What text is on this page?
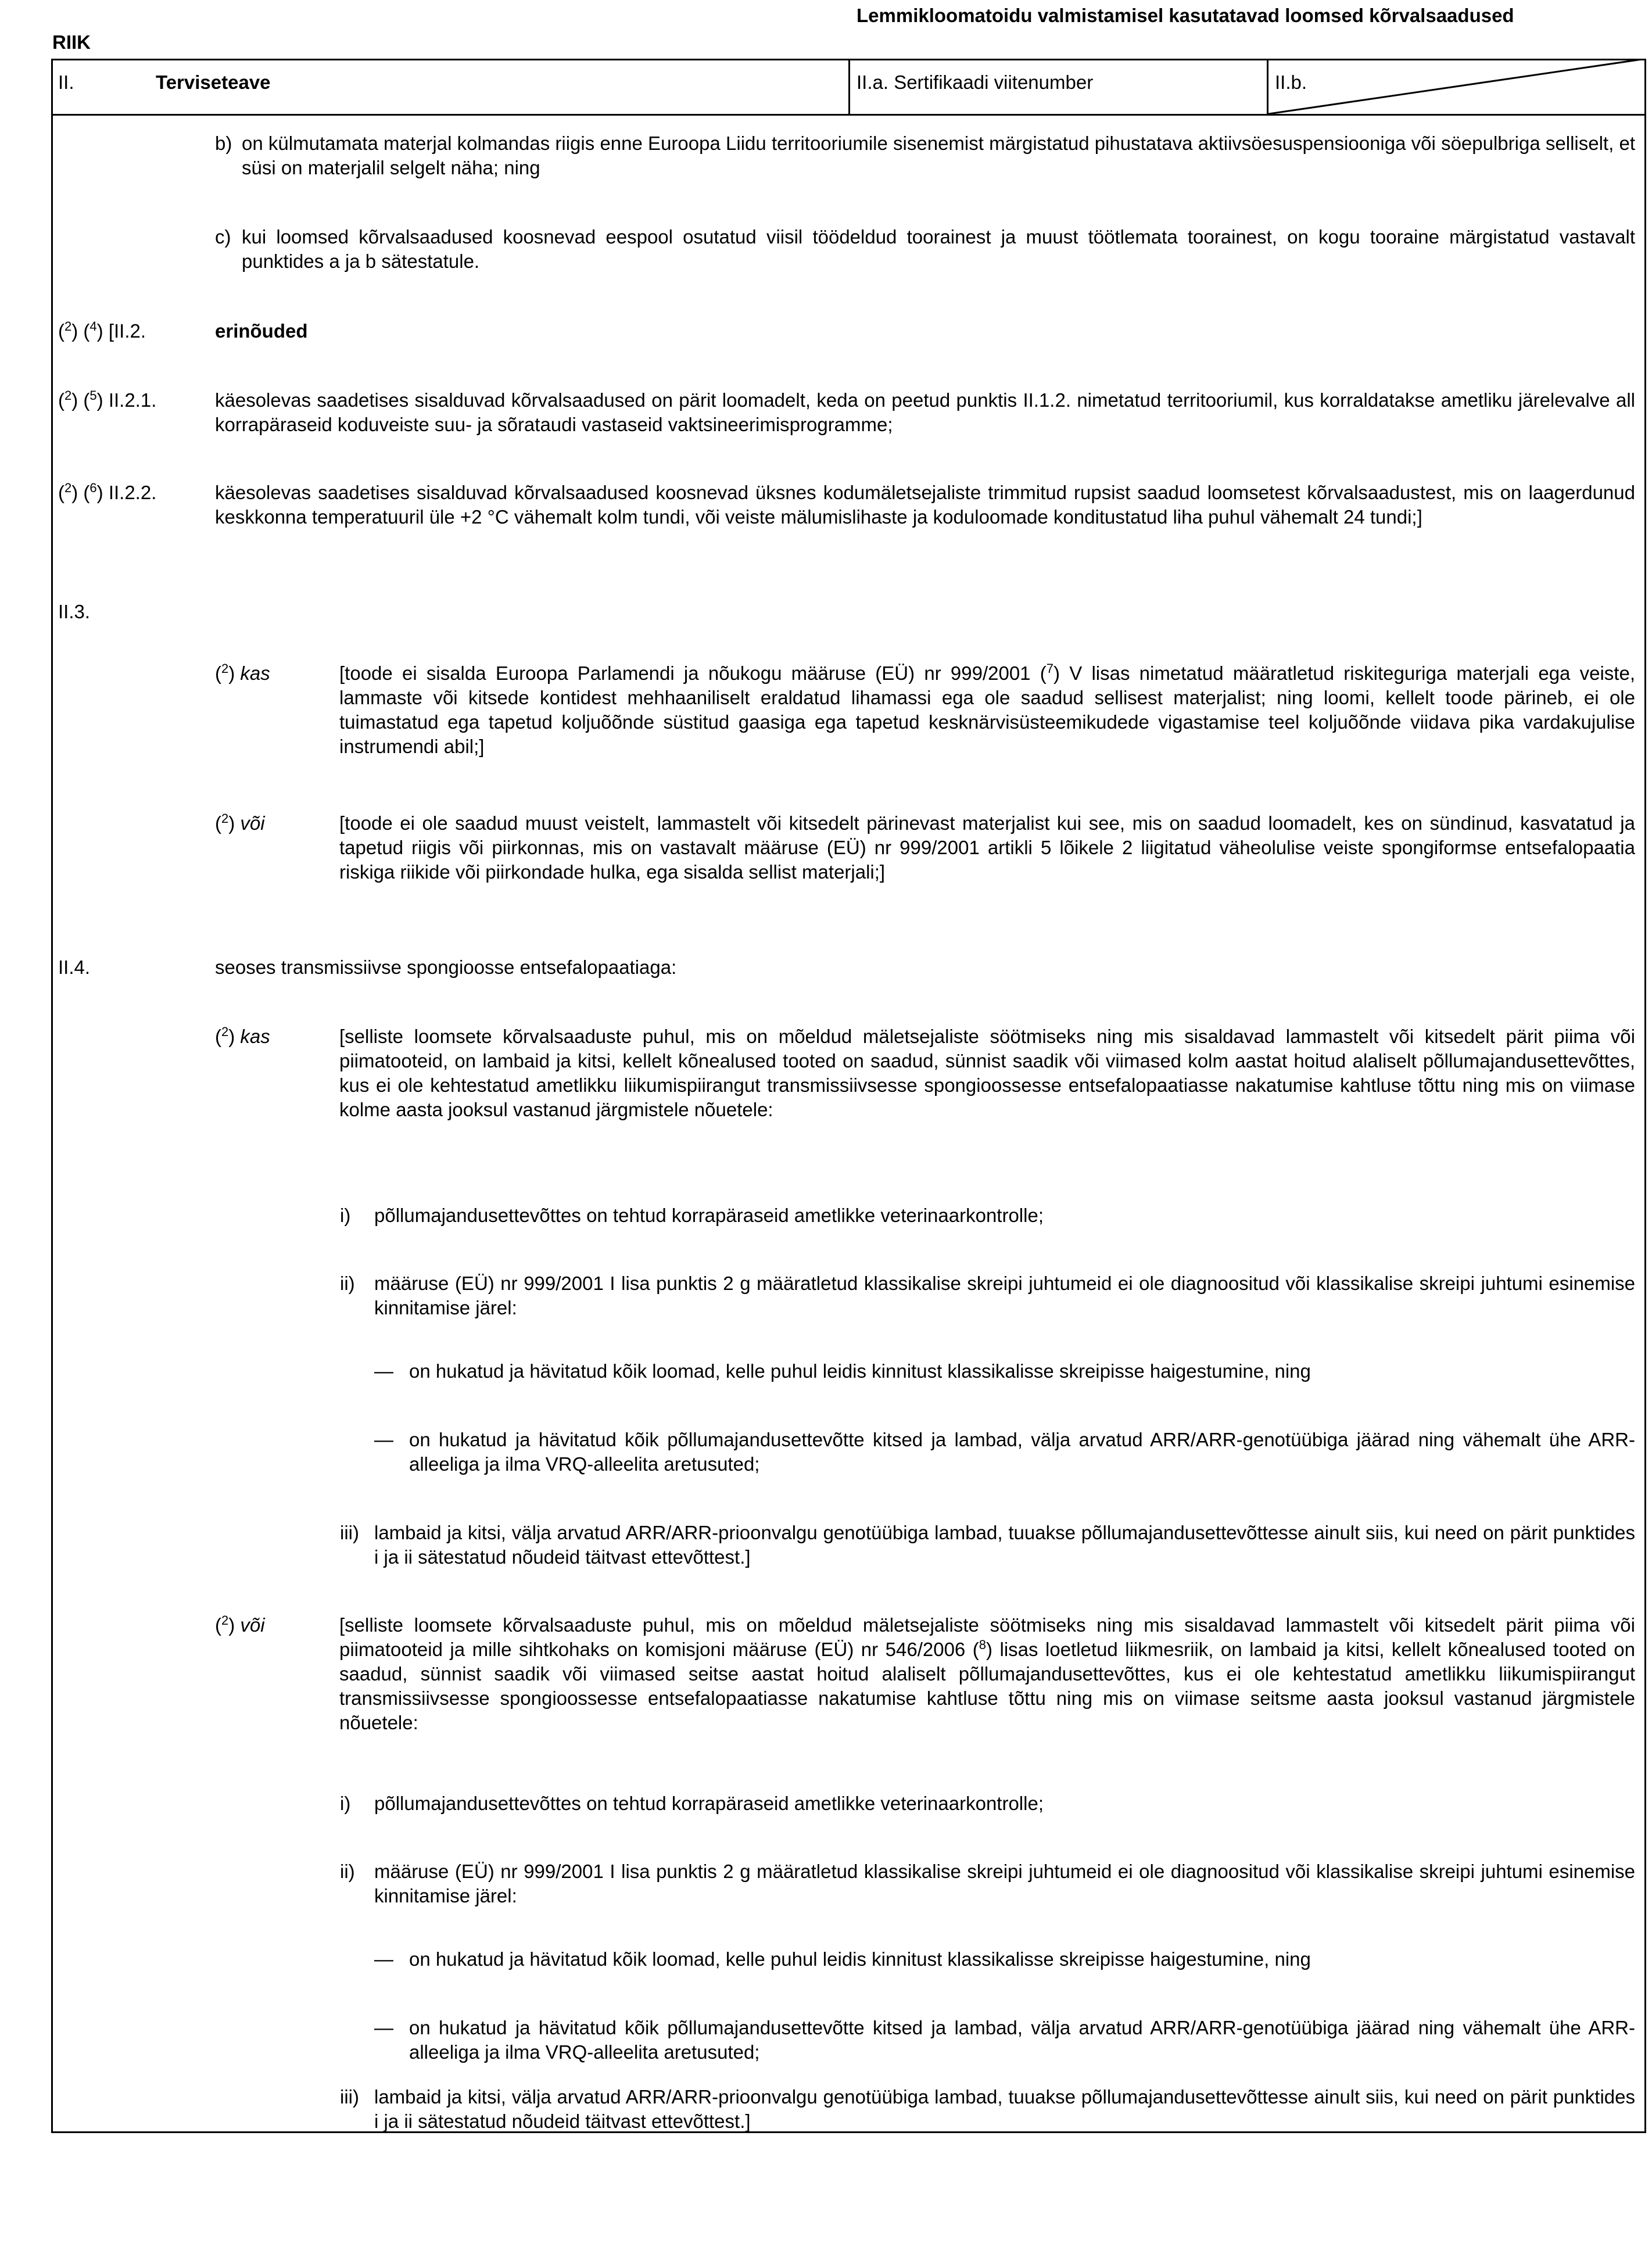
RIIK
Lemmikloomatoidu valmistamisel kasutatavad loomsed kõrvalsaadused
II.	Terviseteave	II.a. Sertifikaadi viitenumber	II.b.
b) on külmutamata materjal kolmandas riigis enne Euroopa Liidu territooriumile sisenemist märgistatud pihustatava aktiivsöesuspensiooniga või söepulbriga selliselt, et süsi on materjalil selgelt näha; ning
c) kui loomsed kõrvalsaadused koosnevad eespool osutatud viisil töödeldud toorainest ja muust töötlemata toorainest, on kogu tooraine märgistatud vastavalt punktides a ja b sätestatule.
($^2$) ($^4$) [II.2.	erinõuded
($^2$) ($^5$) II.2.1.	käesolevas saadetises sisalduvad kõrvalsaadused on pärit loomadelt, keda on peetud punktis II.1.2. nimetatud territooriumil, kus korraldatakse ametliku järelevalve all korrapäraseid koduveiste suu- ja sõrataudi vastaseid vaktsineerimisprogramme;
($^2$) ($^6$) II.2.2.	käesolevas saadetises sisalduvad kõrvalsaadused koosnevad üksnes kodumäletsejaliste trimmitud rupsist saadud loomsetest kõrvalsaadustest, mis on laagerdunud keskkonna temperatuuril üle +2 °C vähemalt kolm tundi, või veiste mälumislihaste ja koduloomade konditustatud liha puhul vähemalt 24 tundi;]
II.3.
($^2$) kas	[toode ei sisalda Euroopa Parlamendi ja nõukogu määruse (EÜ) nr 999/2001 ($^7$) V lisas nimetatud määratletud riskiteguriga materjali ega veiste, lammaste või kitsede kontidest mehhaaniliselt eraldatud lihamassi ega ole saadud sellisest materjalist; ning loomi, kellelt toode pärineb, ei ole tuimastatud ega tapetud koljuõõnde süstitud gaasiga ega tapetud kesknärvisüsteemikudede vigastamise teel koljuõõnde viidava pika vardakujulise instrumendi abil;]
($^2$) või	[toode ei ole saadud muust veistelt, lammastelt või kitsedelt pärinevast materjalist kui see, mis on saadud loomadelt, kes on sündinud, kasvatatud ja tapetud riigis või piirkonnas, mis on vastavalt määruse (EÜ) nr 999/2001 artikli 5 lõikele 2 liigitatud väheolulise veiste spongiformse entsefalopaatia riskiga riikide või piirkondade hulka, ega sisalda sellist materjali;]
II.4.	seoses transmissiivse spongioosse entsefalopaatiaga:
($^2$) kas	[selliste loomsete kõrvalsaaduste puhul, mis on mõeldud mäletsejaliste söötmiseks ning mis sisaldavad lammastelt või kitsedelt pärit piima või piimatooteid, on lambaid ja kitsi, kellelt kõnealused tooted on saadud, sünnist saadik või viimased kolm aastat hoitud alaliselt põllumajandusettevõttes, kus ei ole kehtestatud ametlikku liikumispiirangut transmissiivsesse spongioossesse entsefalopaatiasse nakatumise kahtluse tõttu ning mis on viimase kolme aasta jooksul vastanud järgmistele nõuetele:
i) põllumajandusettevõttes on tehtud korrapäraseid ametlikke veterinaarkontrolle;
ii) määruse (EÜ) nr 999/2001 I lisa punktis 2 g määratletud klassikalise skreipi juhtumeid ei ole diagnoositud või klassikalise skreipi juhtumi esinemise kinnitamise järel:
— on hukatud ja hävitatud kõik loomad, kelle puhul leidis kinnitust klassikalisse skreipisse haigestumine, ning
— on hukatud ja hävitatud kõik põllumajandusettevõtte kitsed ja lambad, välja arvatud ARR/ARR-genotüübiga jäärad ning vähemalt ühe ARR-alleeliga ja ilma VRQ-alleelita aretusuted;
iii) lambaid ja kitsi, välja arvatud ARR/ARR-prioonvalgu genotüübiga lambad, tuuakse põllumajandusettevõttesse ainult siis, kui need on pärit punktides i ja ii sätestatud nõudeid täitvast ettevõttest.]
($^2$) või	[selliste loomsete kõrvalsaaduste puhul, mis on mõeldud mäletsejaliste söötmiseks ning mis sisaldavad lammastelt või kitsedelt pärit piima või piimatooteid ja mille sihtkohaks on komisjoni määruse (EÜ) nr 546/2006 ($^8$) lisas loetletud liikmesriik, on lambaid ja kitsi, kellelt kõnealused tooted on saadud, sünnist saadik või viimased seitse aastat hoitud alaliselt põllumajandusettevõttes, kus ei ole kehtestatud ametlikku liikumispiirangut transmissiivsesse spongioossesse entsefalopaatiasse nakatumise kahtluse tõttu ning mis on viimase seitsme aasta jooksul vastanud järgmistele nõuetele:
i) põllumajandusettevõttes on tehtud korrapäraseid ametlikke veterinaarkontrolle;
ii) määruse (EÜ) nr 999/2001 I lisa punktis 2 g määratletud klassikalise skreipi juhtumeid ei ole diagnoositud või klassikalise skreipi juhtumi esinemise kinnitamise järel:
— on hukatud ja hävitatud kõik loomad, kelle puhul leidis kinnitust klassikalisse skreipisse haigestumine, ning
— on hukatud ja hävitatud kõik põllumajandusettevõtte kitsed ja lambad, välja arvatud ARR/ARR-genotüübiga jäärad ning vähemalt ühe ARR-alleeliga ja ilma VRQ-alleelita aretusuted;
iii) lambaid ja kitsi, välja arvatud ARR/ARR-prioonvalgu genotüübiga lambad, tuuakse põllumajandusettevõttesse ainult siis, kui need on pärit punktides i ja ii sätestatud nõudeid täitvast ettevõttest.]
